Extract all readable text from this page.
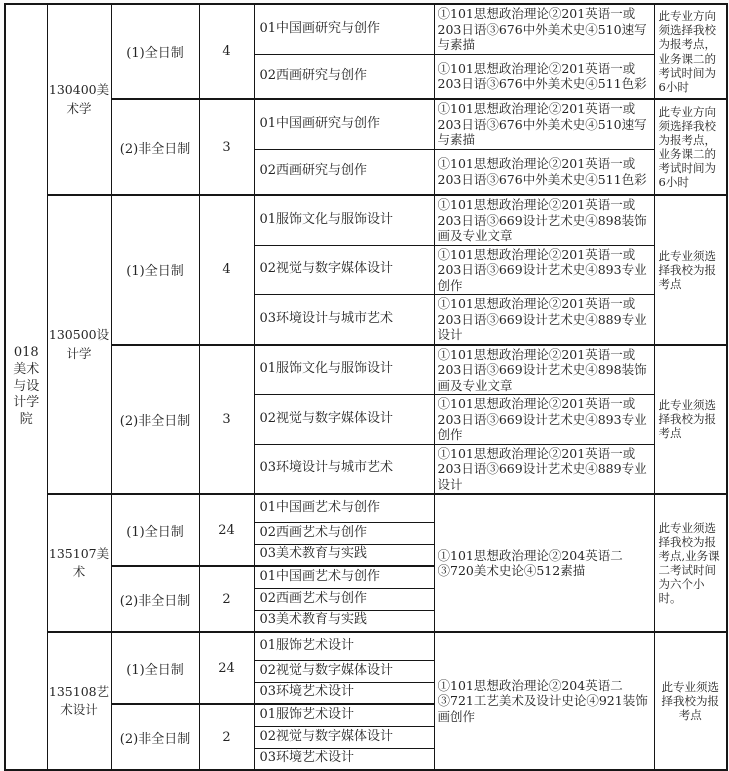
018美术与设计学院	130400美术学	(1)全日制	4	01中国画研究与创作	①101思想政治理论②201英语一或203日语③676中外美术史④510速写与素描	此专业方向须选择我校为报考点，业务课二的考试时间为6小时
				02西画研究与创作	①101思想政治理论②201英语一或203日语③676中外美术史④511色彩	
		(2)非全日制	3	01中国画研究与创作	①101思想政治理论②201英语一或203日语③676中外美术史④510速写与素描	此专业方向须选择我校为报考点，业务课二的考试时间为6小时
				02西画研究与创作	①101思想政治理论②201英语一或203日语③676中外美术史④511色彩	
	130500设计学	(1)全日制	4	01服饰文化与服饰设计	①101思想政治理论②201英语一或203日语③669设计艺术史④898装饰画及专业文章	此专业须选择我校为报考点
				02视觉与数字媒体设计	①101思想政治理论②201英语一或203日语③669设计艺术史④893专业创作	
				03环境设计与城市艺术	①101思想政治理论②201英语一或203日语③669设计艺术史④889专业设计	
		(2)非全日制	3	01服饰文化与服饰设计	①101思想政治理论②201英语一或203日语③669设计艺术史④898装饰画及专业文章	此专业须选择我校为报考点
				02视觉与数字媒体设计	①101思想政治理论②201英语一或203日语③669设计艺术史④893专业创作	
				03环境设计与城市艺术	①101思想政治理论②201英语一或203日语③669设计艺术史④889专业设计	
	135107美术	(1)全日制	24	01中国画艺术与创作	①101思想政治理论②204英语二③720美术史论④512素描	此专业须选择我校为报考点,业务课二考试时间为六个小时。
				02西画艺术与创作		
				03美术教育与实践		
		(2)非全日制	2	01中国画艺术与创作		
				02西画艺术与创作		
				03美术教育与实践		
	135108艺术设计	(1)全日制	24	01服饰艺术设计	①101思想政治理论②204英语二③721工艺美术及设计史论④921装饰画创作	此专业须选择我校为报考点
				02视觉与数字媒体设计		
				03环境艺术设计		
		(2)非全日制	2	01服饰艺术设计		
				02视觉与数字媒体设计		
				03环境艺术设计		
